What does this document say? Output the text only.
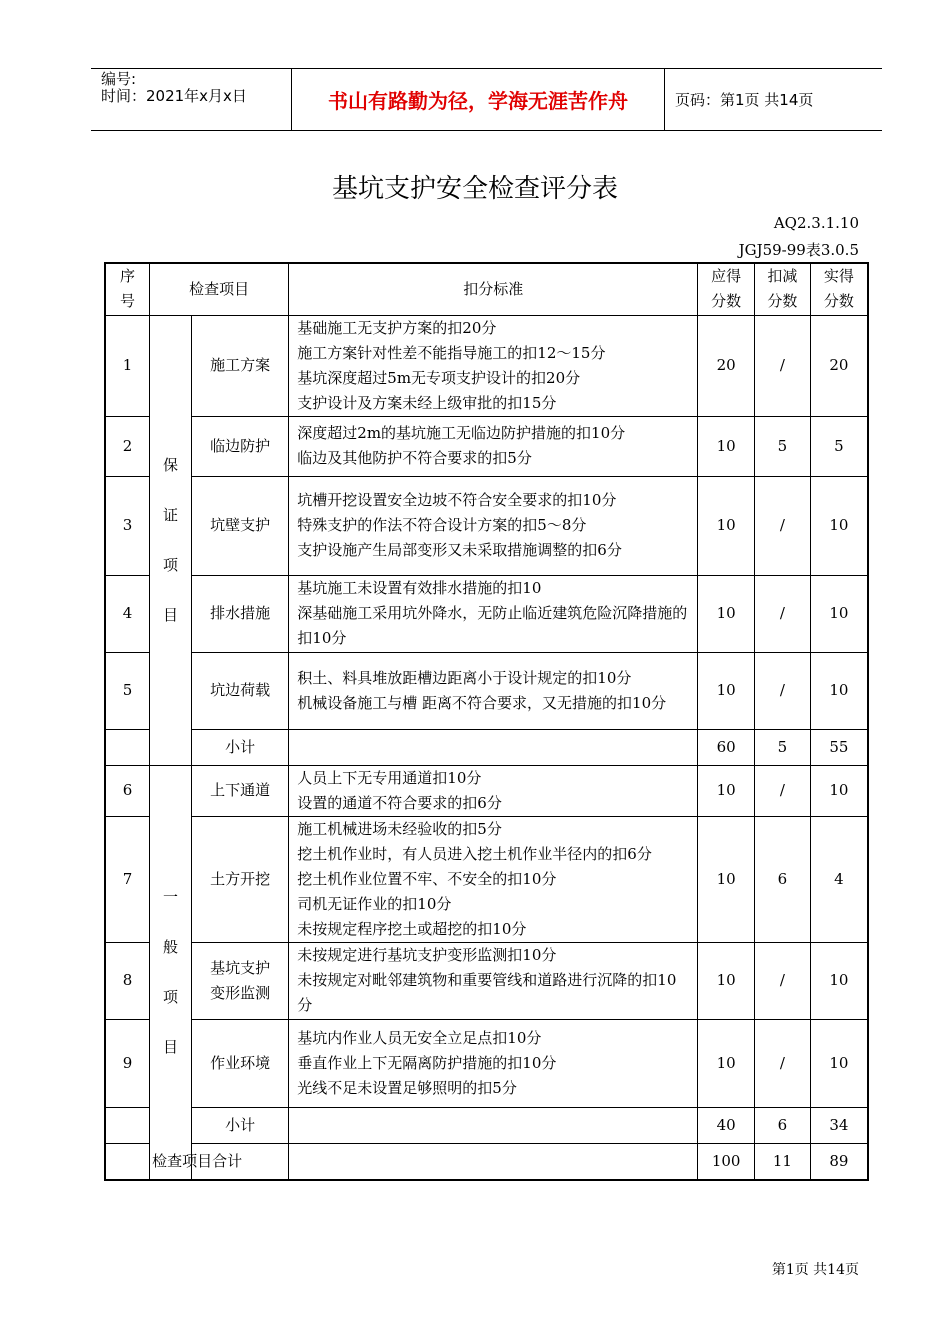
编号:
时间：2021年x月x日	书山有路勤为径，学海无涯苦作舟	页码：第1页 共14页
基坑支护安全检查评分表
AQ2.3.1.10
JGJ59-99表3.0.5
序号	检查项目		扣分标准	应得分数	扣减分数	实得分数
1	保证项目	施工方案	基础施工无支护方案的扣20分
施工方案针对性差不能指导施工的扣12～15分
基坑深度超过5m无专项支护设计的扣20分
支护设计及方案未经上级审批的扣15分	20	/	20
2		临边防护	深度超过2m的基坑施工无临边防护措施的扣10分
临边及其他防护不符合要求的扣5分	10	5	5
3		坑壁支护	坑槽开挖设置安全边坡不符合安全要求的扣10分
特殊支护的作法不符合设计方案的扣5～8分
支护设施产生局部变形又未采取措施调整的扣6分	10	/	10
4		排水措施	基坑施工未设置有效排水措施的扣10
深基础施工采用坑外降水，无防止临近建筑危险沉降措施的扣10分	10	/	10
5		坑边荷载	积土、料具堆放距槽边距离小于设计规定的扣10分
机械设备施工与槽 距离不符合要求，又无措施的扣10分	10	/	10
		小计		60	5	55
6	一般项目	上下通道	人员上下无专用通道扣10分
设置的通道不符合要求的扣6分	10	/	10
7		土方开挖	施工机械进场未经验收的扣5分
挖土机作业时，有人员进入挖土机作业半径内的扣6分
挖土机作业位置不牢、不安全的扣10分
司机无证作业的扣10分
未按规定程序挖土或超挖的扣10分	10	6	4
8		基坑支护变形监测	未按规定进行基坑支护变形监测扣10分
未按规定对毗邻建筑物和重要管线和道路进行沉降的扣10分	10	/	10
9		作业环境	基坑内作业人员无安全立足点扣10分
垂直作业上下无隔离防护措施的扣10分
光线不足未设置足够照明的扣5分	10	/	10
		小计		40	6	34
检查项目合计				100	11	89
第1页 共14页
